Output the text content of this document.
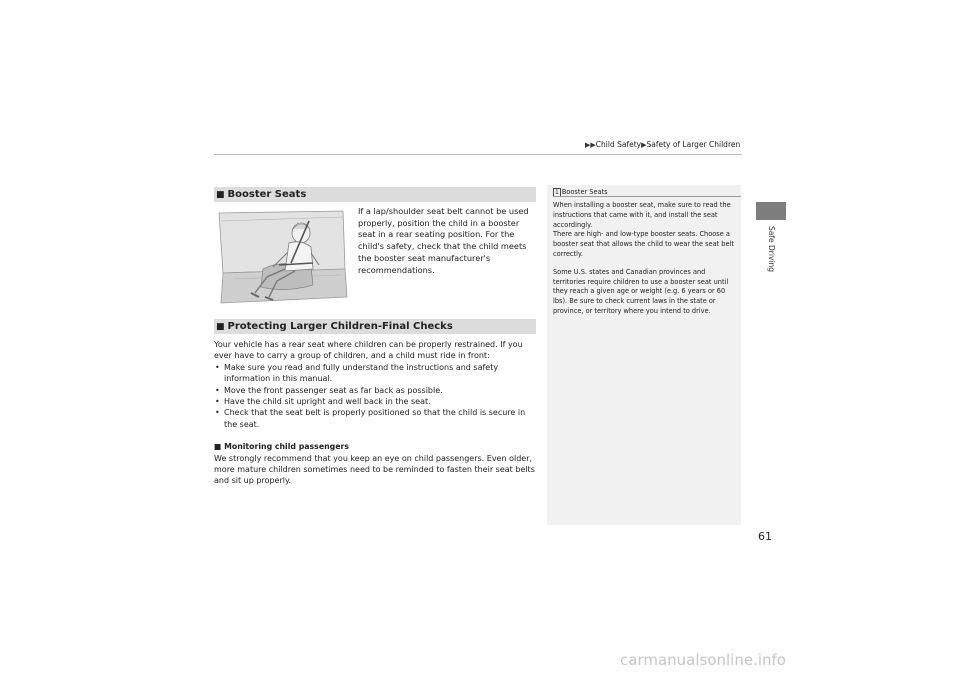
▶▶Child Safety▶Safety of Larger Children
Safe Driving
■ Booster Seats
If a lap/shoulder seat belt cannot be used properly, position the child in a booster seat in a rear seating position. For the child's safety, check that the child meets the booster seat manufacturer's recommendations.
■ Protecting Larger Children-Final Checks

Your vehicle has a rear seat where children can be properly restrained. If you ever have to carry a group of children, and a child must ride in front:

• Make sure you read and fully understand the instructions and safety information in this manual.
• Move the front passenger seat as far back as possible.
• Have the child sit upright and well back in the seat.
• Check that the seat belt is properly positioned so that the child is secure in the seat.

■ Monitoring child passengers

We strongly recommend that you keep an eye on child passengers. Even older, more mature children sometimes need to be reminded to fasten their seat belts and sit up properly.

1 Booster Seats

When installing a booster seat, make sure to read the instructions that came with it, and install the seat accordingly.

There are high- and low-type booster seats. Choose a booster seat that allows the child to wear the seat belt correctly.

Some U.S. states and Canadian provinces and territories require children to use a booster seat until they reach a given age or weight (e.g. 6 years or 60 lbs). Be sure to check current laws in the state or province, or territory where you intend to drive.

61
carmanualsonline.info
